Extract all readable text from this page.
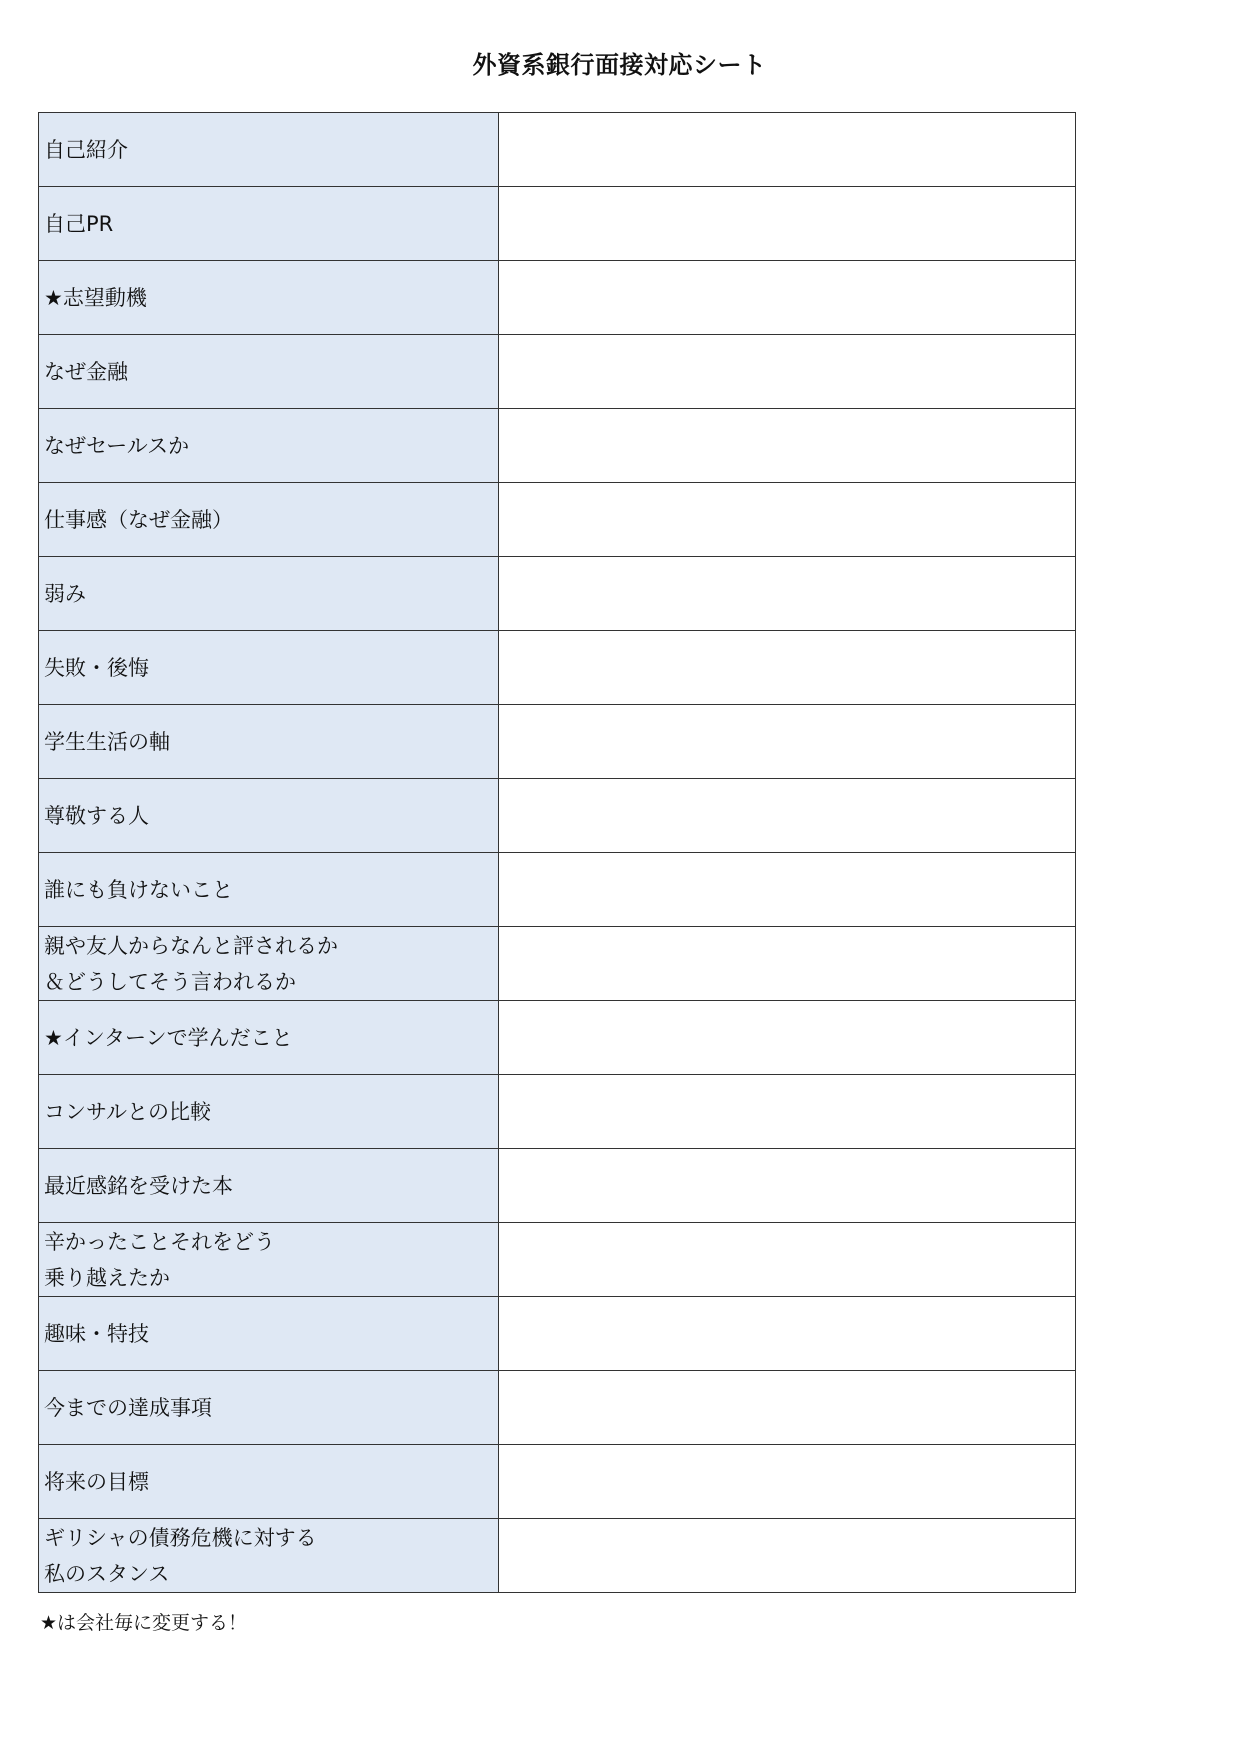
外資系銀行面接対応シート
自己紹介	

自己PR	

★志望動機	

なぜ金融	

なぜセールスか	

仕事感（なぜ金融）	

弱み	

失敗・後悔	

学生生活の軸	

尊敬する人	

誰にも負けないこと	

親や友人からなんと評されるか
＆どうしてそう言われるか	

★インターンで学んだこと	

コンサルとの比較	

最近感銘を受けた本	

辛かったことそれをどう
乗り越えたか	

趣味・特技	

今までの達成事項	

将来の目標	

ギリシャの債務危機に対する
私のスタンス	

★は会社毎に変更する！
